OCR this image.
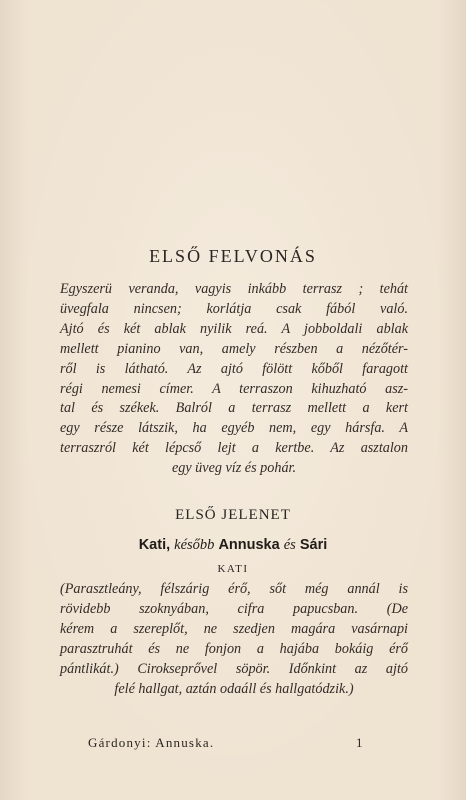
ELSŐ FELVONÁS
Egyszerü veranda, vagyis inkább terrasz ; tehát
üvegfala nincsen; korlátja csak fából való.
Ajtó és két ablak nyilik reá. A jobboldali ablak
mellett pianino van, amely részben a nézőtér-
ről is látható. Az ajtó fölött kőből faragott
régi nemesi címer. A terraszon kihuzható asz-
tal és székek. Balról a terrasz mellett a kert
egy része látszik, ha egyéb nem, egy hársfa. A
terraszról két lépcső lejt a kertbe. Az asztalon
egy üveg víz és pohár.
ELSŐ JELENET
Kati, később Annuska és Sári
KATI
(Parasztleány, félszárig érő, sőt még annál is
rövidebb szoknyában, cifra papucsban. (De
kérem a szereplőt, ne szedjen magára vasárnapi
parasztruhát és ne fonjon a hajába bokáig érő
pántlikát.) Cirokseprővel söpör. Időnkint az ajtó
felé hallgat, aztán odaáll és hallgatódzik.)
Gárdonyi: Annuska.	1
